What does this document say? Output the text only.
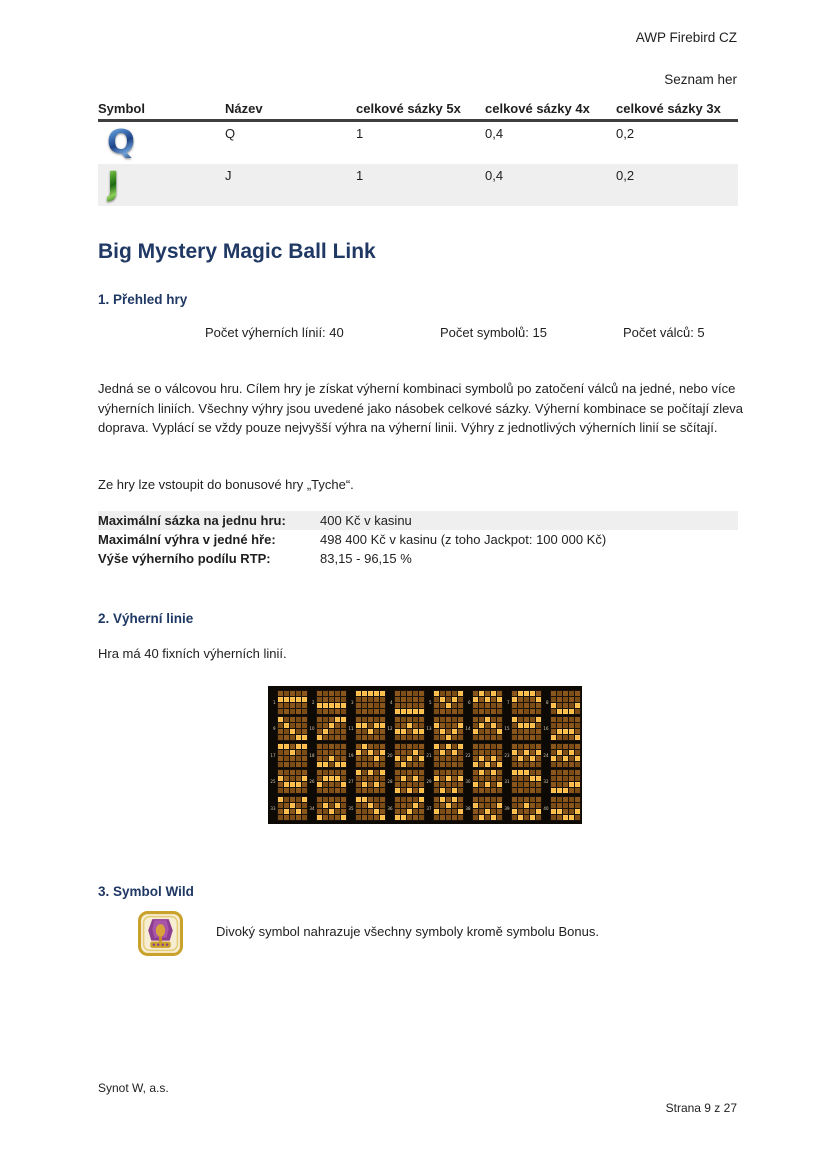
AWP Firebird CZ
Seznam her
Symbol	Název	celkové sázky 5x	celkové sázky 4x	celkové sázky 3x
Q	Q	1	0,4	0,2
J	J	1	0,4	0,2
Big Mystery Magic Ball Link
1. Přehled hry
Počet výherních línií: 40	Počet symbolů: 15	Počet válců: 5
Jedná se o válcovou hru. Cílem hry je získat výherní kombinaci symbolů po zatočení válců na jedné, nebo více výherních liniích. Všechny výhry jsou uvedené jako násobek celkové sázky. Výherní kombinace se počítají zleva doprava. Vyplácí se vždy pouze nejvyšší výhra na výherní linii. Výhry z jednotlivých výherních linií se sčítají.
Ze hry lze vstoupit do bonusové hry „Tyche“.
Maximální sázka na jednu hru:	400 Kč v kasinu
Maximální výhra v jedné hře:	498 400 Kč v kasinu (z toho Jackpot: 100 000 Kč)
Výše výherního podílu RTP:	83,15 - 96,15 %
2. Výherní linie
Hra má 40 fixních výherních linií.
1	2	3	4	5	6	7	8
9	10	11	12	13	14	15	16
17	18	19	20	21	22	23	24
25	26	27	28	29	30	31	32
33	34	35	36	37	38	39	40
3. Symbol Wild
Divoký symbol nahrazuje všechny symboly kromě symbolu Bonus.
Synot W, a.s.
Strana 9 z 27
